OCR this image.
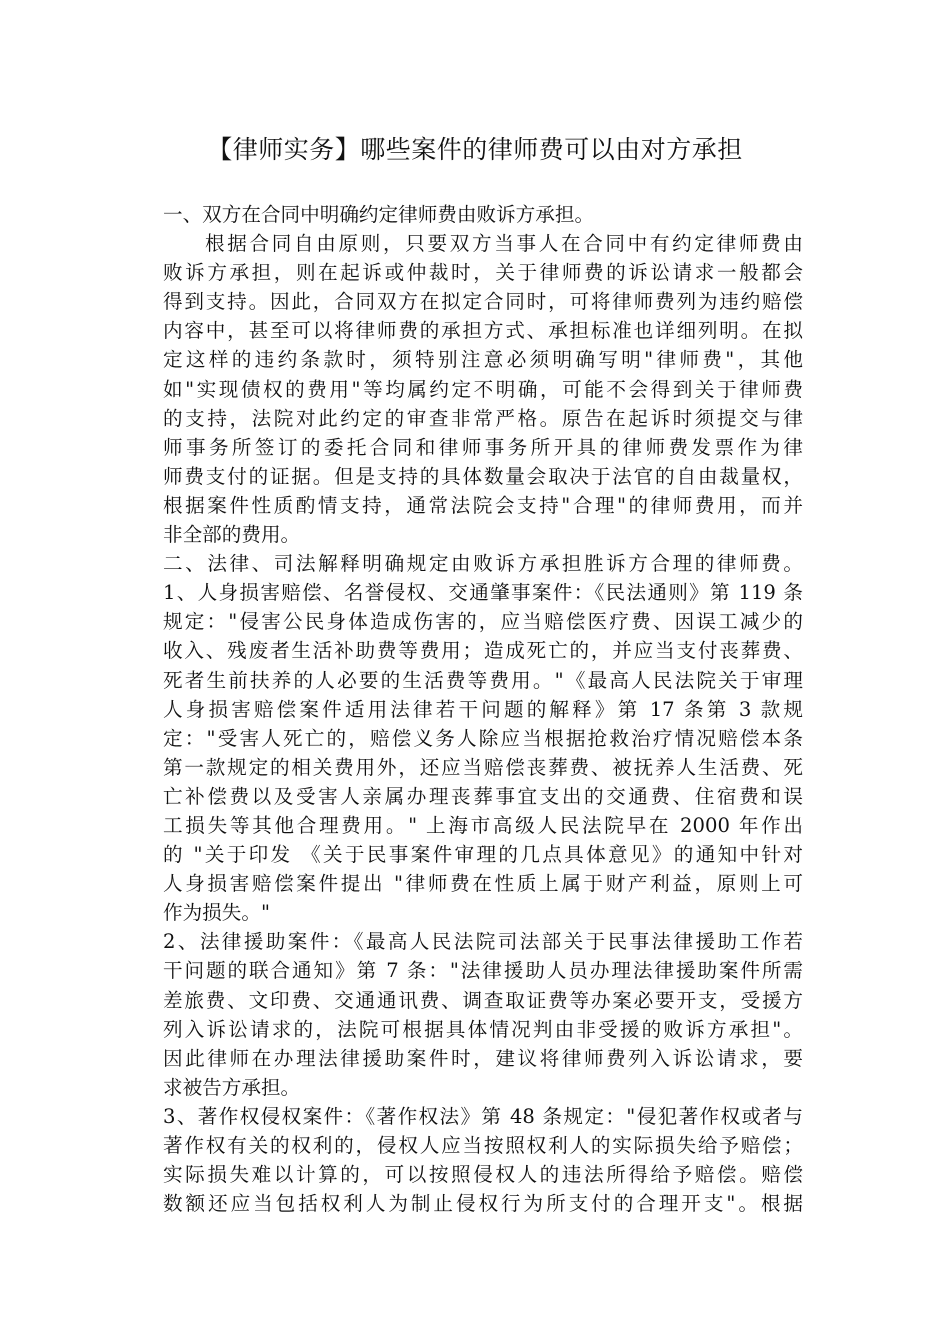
【律师实务】哪些案件的律师费可以由对方承担
一、双方在合同中明确约定律师费由败诉方承担。
根据合同自由原则，只要双方当事人在合同中有约定律师费由
败诉方承担，则在起诉或仲裁时，关于律师费的诉讼请求一般都会
得到支持。因此，合同双方在拟定合同时，可将律师费列为违约赔偿
内容中，甚至可以将律师费的承担方式、承担标准也详细列明。在拟
定这样的违约条款时，须特别注意必须明确写明"律师费"，其他
如"实现债权的费用"等均属约定不明确，可能不会得到关于律师费
的支持，法院对此约定的审查非常严格。原告在起诉时须提交与律
师事务所签订的委托合同和律师事务所开具的律师费发票作为律
师费支付的证据。但是支持的具体数量会取决于法官的自由裁量权，
根据案件性质酌情支持，通常法院会支持"合理"的律师费用，而并
非全部的费用。
二、法律、司法解释明确规定由败诉方承担胜诉方合理的律师费。
1、人身损害赔偿、名誉侵权、交通肇事案件：《民法通则》第 119 条
规定："侵害公民身体造成伤害的，应当赔偿医疗费、因误工减少的
收入、残废者生活补助费等费用；造成死亡的，并应当支付丧葬费、
死者生前扶养的人必要的生活费等费用。"《最高人民法院关于审理
人身损害赔偿案件适用法律若干问题的解释》第 17 条第 3 款规
定："受害人死亡的，赔偿义务人除应当根据抢救治疗情况赔偿本条
第一款规定的相关费用外，还应当赔偿丧葬费、被抚养人生活费、死
亡补偿费以及受害人亲属办理丧葬事宜支出的交通费、住宿费和误
工损失等其他合理费用。" 上海市高级人民法院早在 2000 年作出
的 "关于印发 《关于民事案件审理的几点具体意见》的通知中针对
人身损害赔偿案件提出 "律师费在性质上属于财产利益，原则上可
作为损失。"
2、法律援助案件：《最高人民法院司法部关于民事法律援助工作若
干问题的联合通知》第 7 条："法律援助人员办理法律援助案件所需
差旅费、文印费、交通通讯费、调查取证费等办案必要开支，受援方
列入诉讼请求的，法院可根据具体情况判由非受援的败诉方承担"。
因此律师在办理法律援助案件时，建议将律师费列入诉讼请求，要
求被告方承担。
3、著作权侵权案件：《著作权法》第 48 条规定："侵犯著作权或者与
著作权有关的权利的，侵权人应当按照权利人的实际损失给予赔偿；
实际损失难以计算的，可以按照侵权人的违法所得给予赔偿。赔偿
数额还应当包括权利人为制止侵权行为所支付的合理开支"。根据
